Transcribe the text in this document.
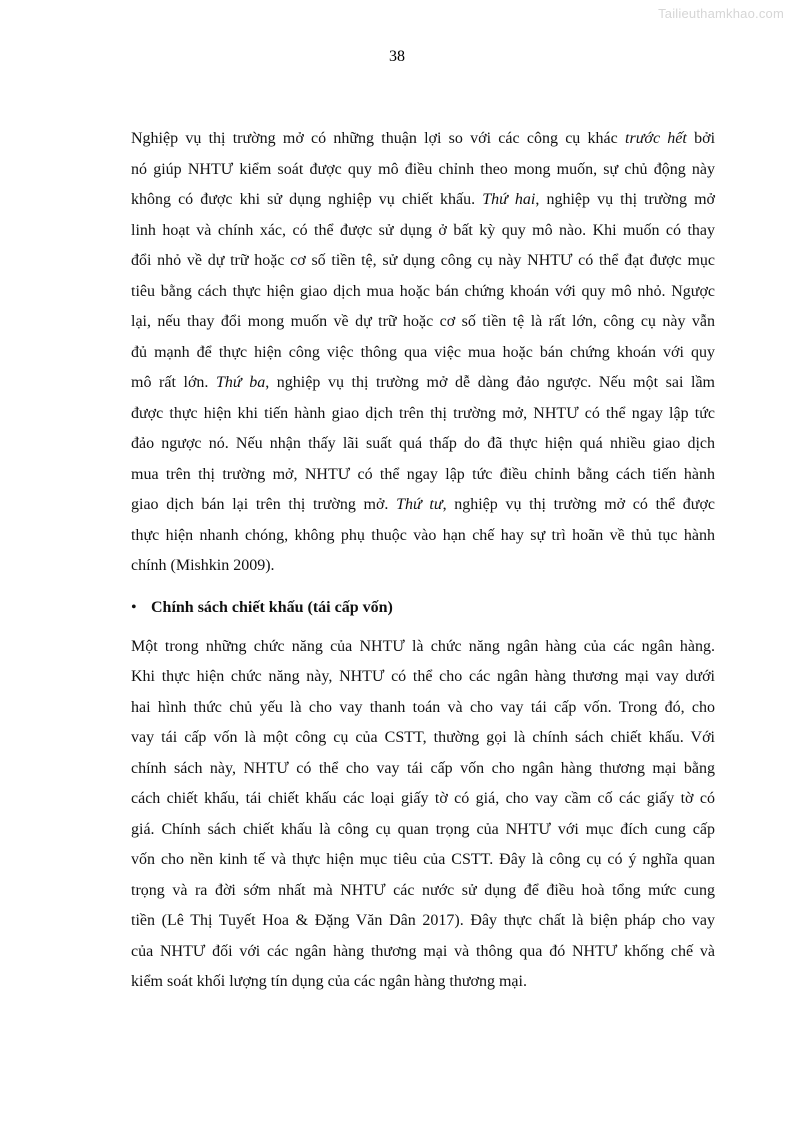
Tailieuthamkhao.com
38
Nghiệp vụ thị trường mở có những thuận lợi so với các công cụ khác trước hết bởi
nó giúp NHTƯ kiểm soát được quy mô điều chỉnh theo mong muốn, sự chủ động này
không có được khi sử dụng nghiệp vụ chiết khấu. Thứ hai, nghiệp vụ thị trường mở
linh hoạt và chính xác, có thể được sử dụng ở bất kỳ quy mô nào. Khi muốn có thay
đổi nhỏ về dự trữ hoặc cơ số tiền tệ, sử dụng công cụ này NHTƯ có thể đạt được mục
tiêu bằng cách thực hiện giao dịch mua hoặc bán chứng khoán với quy mô nhỏ. Ngược
lại, nếu thay đổi mong muốn về dự trữ hoặc cơ số tiền tệ là rất lớn, công cụ này vẫn
đủ mạnh để thực hiện công việc thông qua việc mua hoặc bán chứng khoán với quy
mô rất lớn. Thứ ba, nghiệp vụ thị trường mở dễ dàng đảo ngược. Nếu một sai lầm
được thực hiện khi tiến hành giao dịch trên thị trường mở, NHTƯ có thể ngay lập tức
đảo ngược nó. Nếu nhận thấy lãi suất quá thấp do đã thực hiện quá nhiều giao dịch
mua trên thị trường mở, NHTƯ có thể ngay lập tức điều chỉnh bằng cách tiến hành
giao dịch bán lại trên thị trường mở. Thứ tư, nghiệp vụ thị trường mở có thể được
thực hiện nhanh chóng, không phụ thuộc vào hạn chế hay sự trì hoãn về thủ tục hành
chính (Mishkin 2009).
• Chính sách chiết khấu (tái cấp vốn)
Một trong những chức năng của NHTƯ là chức năng ngân hàng của các ngân hàng.
Khi thực hiện chức năng này, NHTƯ có thể cho các ngân hàng thương mại vay dưới
hai hình thức chủ yếu là cho vay thanh toán và cho vay tái cấp vốn. Trong đó, cho
vay tái cấp vốn là một công cụ của CSTT, thường gọi là chính sách chiết khấu. Với
chính sách này, NHTƯ có thể cho vay tái cấp vốn cho ngân hàng thương mại bằng
cách chiết khấu, tái chiết khấu các loại giấy tờ có giá, cho vay cầm cố các giấy tờ có
giá. Chính sách chiết khấu là công cụ quan trọng của NHTƯ với mục đích cung cấp
vốn cho nền kinh tế và thực hiện mục tiêu của CSTT. Đây là công cụ có ý nghĩa quan
trọng và ra đời sớm nhất mà NHTƯ các nước sử dụng để điều hoà tổng mức cung
tiền (Lê Thị Tuyết Hoa & Đặng Văn Dân 2017). Đây thực chất là biện pháp cho vay
của NHTƯ đối với các ngân hàng thương mại và thông qua đó NHTƯ khống chế và
kiểm soát khối lượng tín dụng của các ngân hàng thương mại.
